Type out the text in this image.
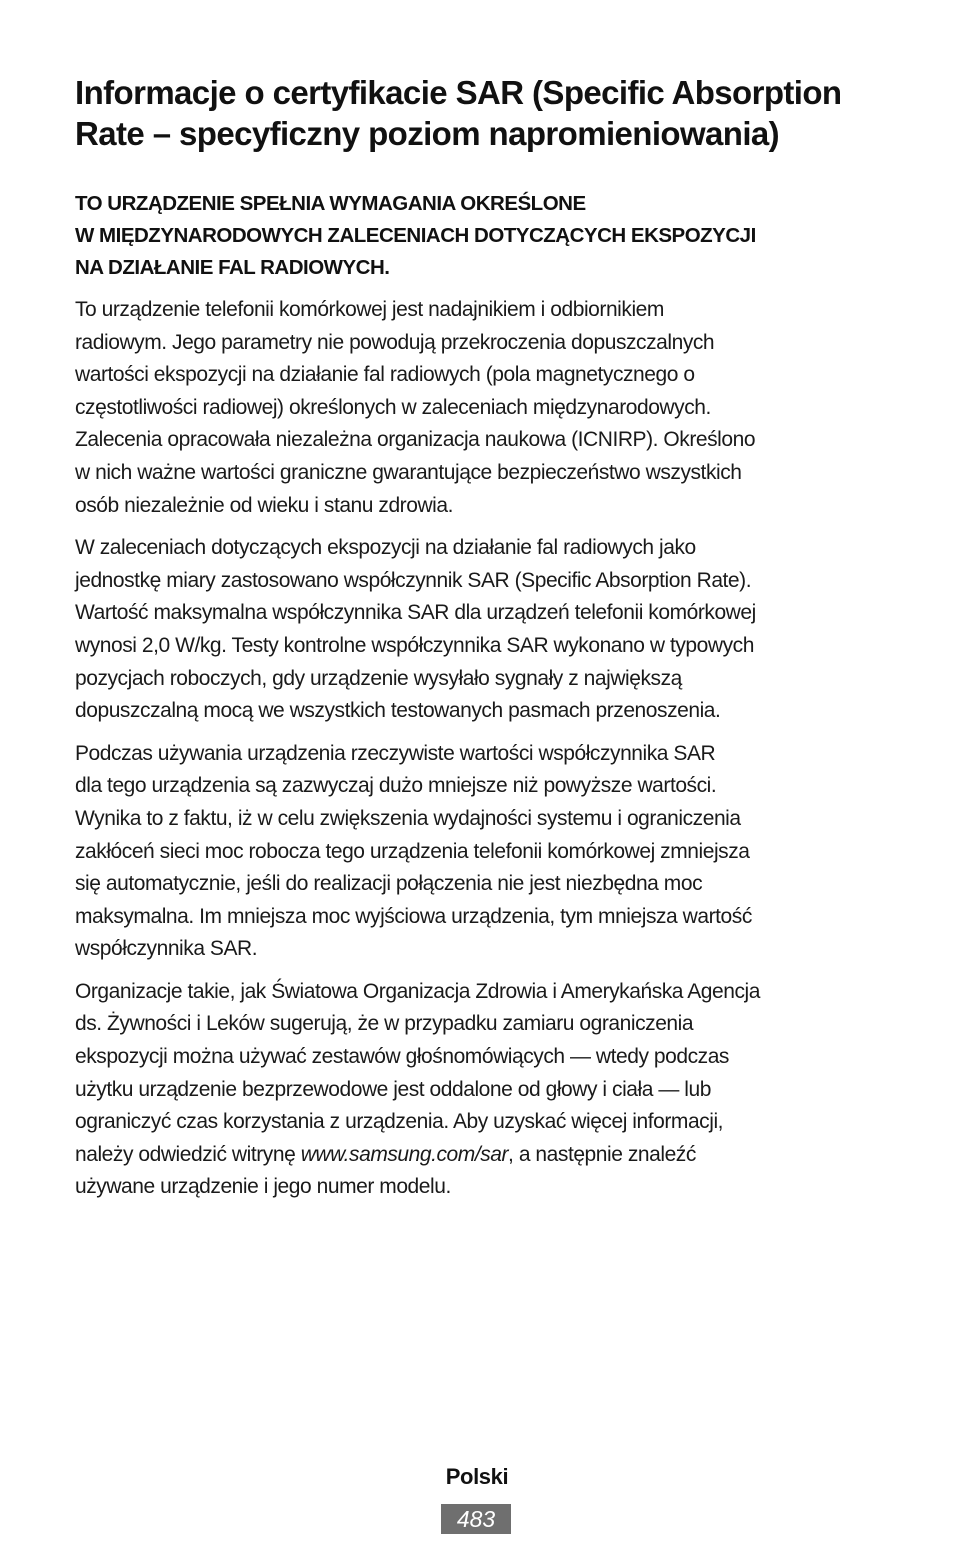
Informacje o certyfikacie SAR (Specific Absorption
Rate – specyficzny poziom napromieniowania)
TO URZĄDZENIE SPEŁNIA WYMAGANIA OKREŚLONE
W MIĘDZYNARODOWYCH ZALECENIACH DOTYCZĄCYCH EKSPOZYCJI
NA DZIAŁANIE FAL RADIOWYCH.

To urządzenie telefonii komórkowej jest nadajnikiem i odbiornikiem
radiowym. Jego parametry nie powodują przekroczenia dopuszczalnych
wartości ekspozycji na działanie fal radiowych (pola magnetycznego o
częstotliwości radiowej) określonych w zaleceniach międzynarodowych.
Zalecenia opracowała niezależna organizacja naukowa (ICNIRP). Określono
w nich ważne wartości graniczne gwarantujące bezpieczeństwo wszystkich
osób niezależnie od wieku i stanu zdrowia.

W zaleceniach dotyczących ekspozycji na działanie fal radiowych jako
jednostkę miary zastosowano współczynnik SAR (Specific Absorption Rate).
Wartość maksymalna współczynnika SAR dla urządzeń telefonii komórkowej
wynosi 2,0 W/kg. Testy kontrolne współczynnika SAR wykonano w typowych
pozycjach roboczych, gdy urządzenie wysyłało sygnały z największą
dopuszczalną mocą we wszystkich testowanych pasmach przenoszenia.

Podczas używania urządzenia rzeczywiste wartości współczynnika SAR
dla tego urządzenia są zazwyczaj dużo mniejsze niż powyższe wartości.
Wynika to z faktu, iż w celu zwiększenia wydajności systemu i ograniczenia
zakłóceń sieci moc robocza tego urządzenia telefonii komórkowej zmniejsza
się automatycznie, jeśli do realizacji połączenia nie jest niezbędna moc
maksymalna. Im mniejsza moc wyjściowa urządzenia, tym mniejsza wartość
współczynnika SAR.

Organizacje takie, jak Światowa Organizacja Zdrowia i Amerykańska Agencja
ds. Żywności i Leków sugerują, że w przypadku zamiaru ograniczenia
ekspozycji można używać zestawów głośnomówiących — wtedy podczas
użytku urządzenie bezprzewodowe jest oddalone od głowy i ciała — lub
ograniczyć czas korzystania z urządzenia. Aby uzyskać więcej informacji,
należy odwiedzić witrynę www.samsung.com/sar, a następnie znaleźć
używane urządzenie i jego numer modelu.

Polski
483
